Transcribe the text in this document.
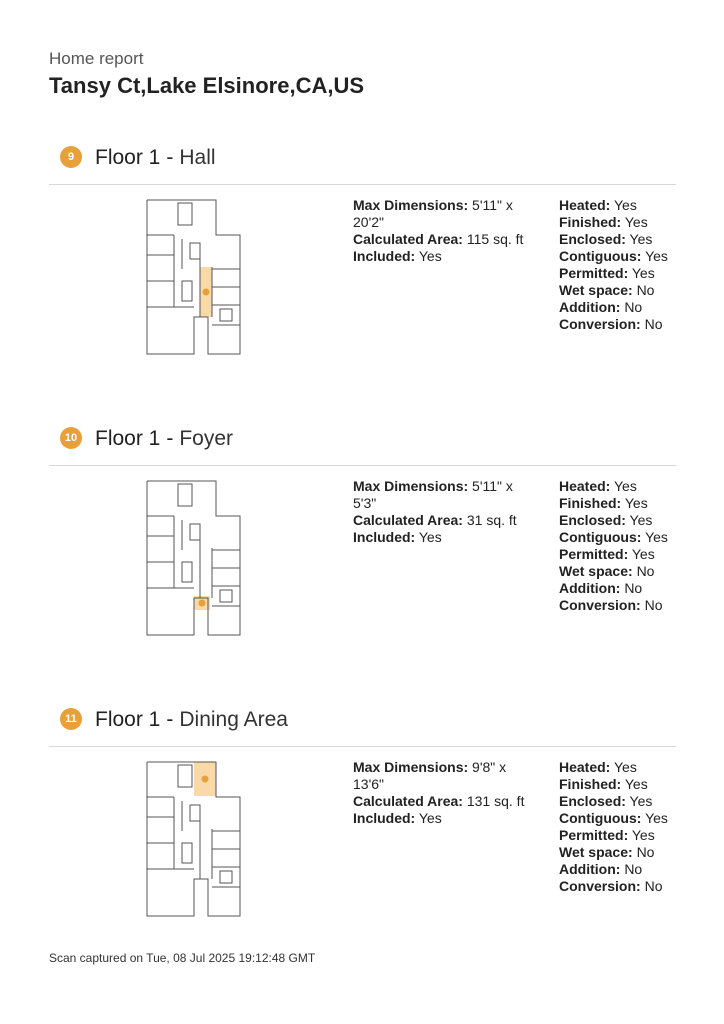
Home report
Tansy Ct,Lake Elsinore,CA,US
9 Floor 1 - Hall
Max Dimensions: 5'11" x 20'2"
Calculated Area: 115 sq. ft
Included: Yes
Heated: Yes
Finished: Yes
Enclosed: Yes
Contiguous: Yes
Permitted: Yes
Wet space: No
Addition: No
Conversion: No
10 Floor 1 - Foyer
Max Dimensions: 5'11" x 5'3"
Calculated Area: 31 sq. ft
Included: Yes
Heated: Yes
Finished: Yes
Enclosed: Yes
Contiguous: Yes
Permitted: Yes
Wet space: No
Addition: No
Conversion: No
11 Floor 1 - Dining Area
Max Dimensions: 9'8" x 13'6"
Calculated Area: 131 sq. ft
Included: Yes
Heated: Yes
Finished: Yes
Enclosed: Yes
Contiguous: Yes
Permitted: Yes
Wet space: No
Addition: No
Conversion: No
Scan captured on Tue, 08 Jul 2025 19:12:48 GMT
